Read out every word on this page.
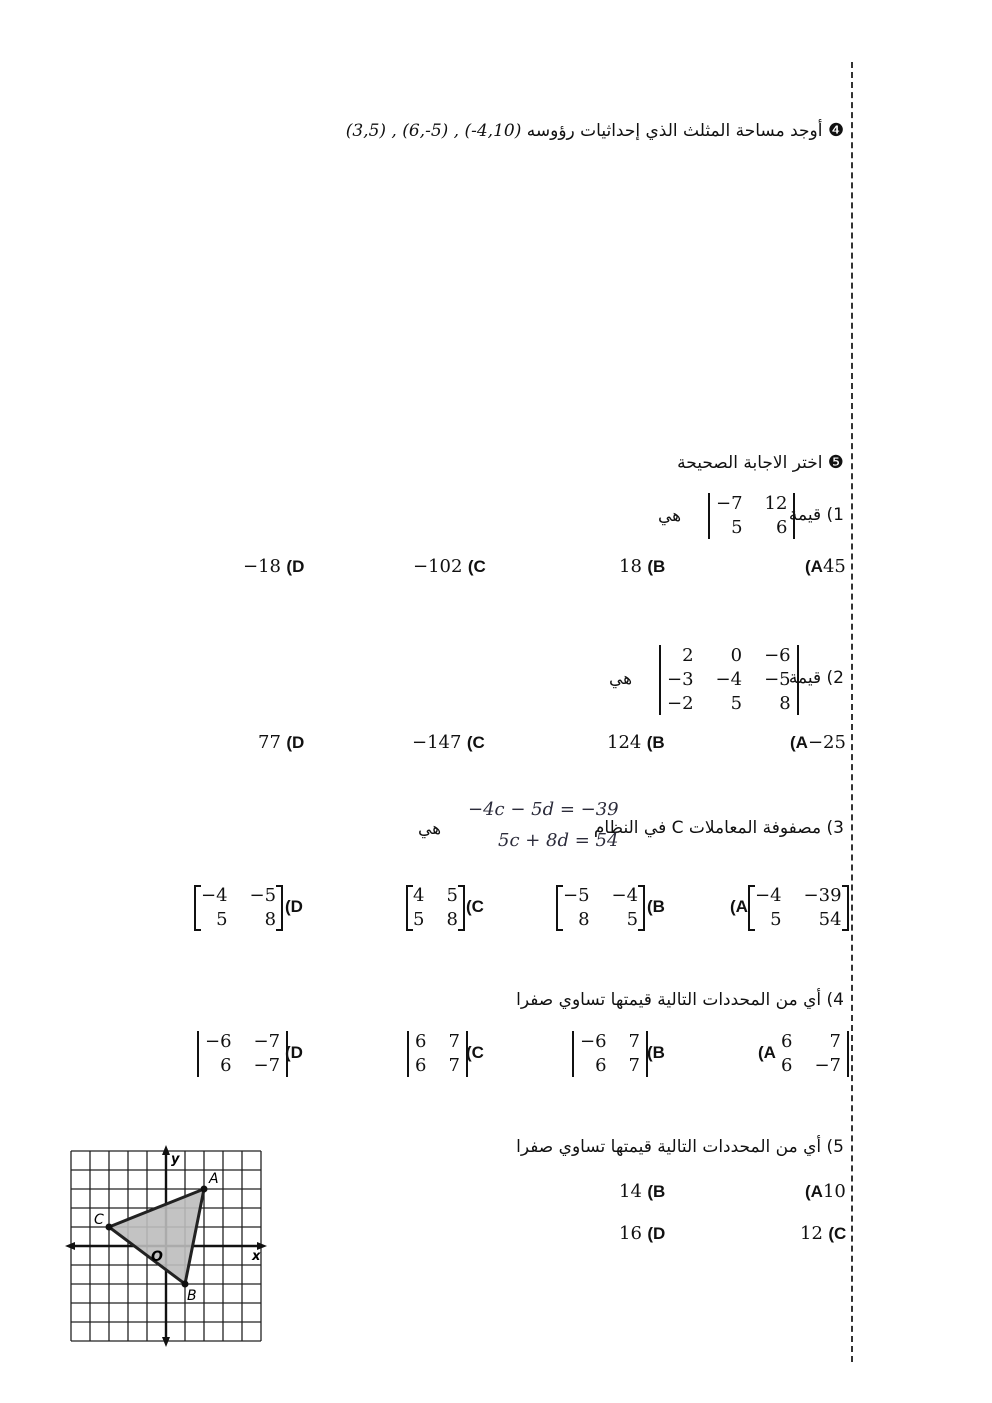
❹ أوجد مساحة المثلث الذي إحداثيات رؤوسه (3,5) , (6,-5) , (-4,10)
❺ اختر الاجابة الصحيحة
1) قيمة
−7 12
5	6
هي
(A45
18 (B
−102 (C
−18 (D
2) قيمة
2	0 −6
−3 −4 −5
−2	5	8
هي
(A−25
124 (B
−147 (C
77 (D
3) مصفوفة المعاملات C في النظام
−4c − 5d = −39
5c + 8d = 54
هي
(A
−4 −39
5	54
−5 −4
8	5
(B
4 5
5 8
(C
−4 −5
5	8
(D
4) أي من المحددات التالية قيمتها تساوي صفرا
(A
6	7
6 −7
−6 7
6 7
(B
6 7
6 7
(C
−6 −7
6 −7
(D
5) أي من المحددات التالية قيمتها تساوي صفرا
(A10
14 (B
12 (C
16 (D
A
B
C
x
y
O
